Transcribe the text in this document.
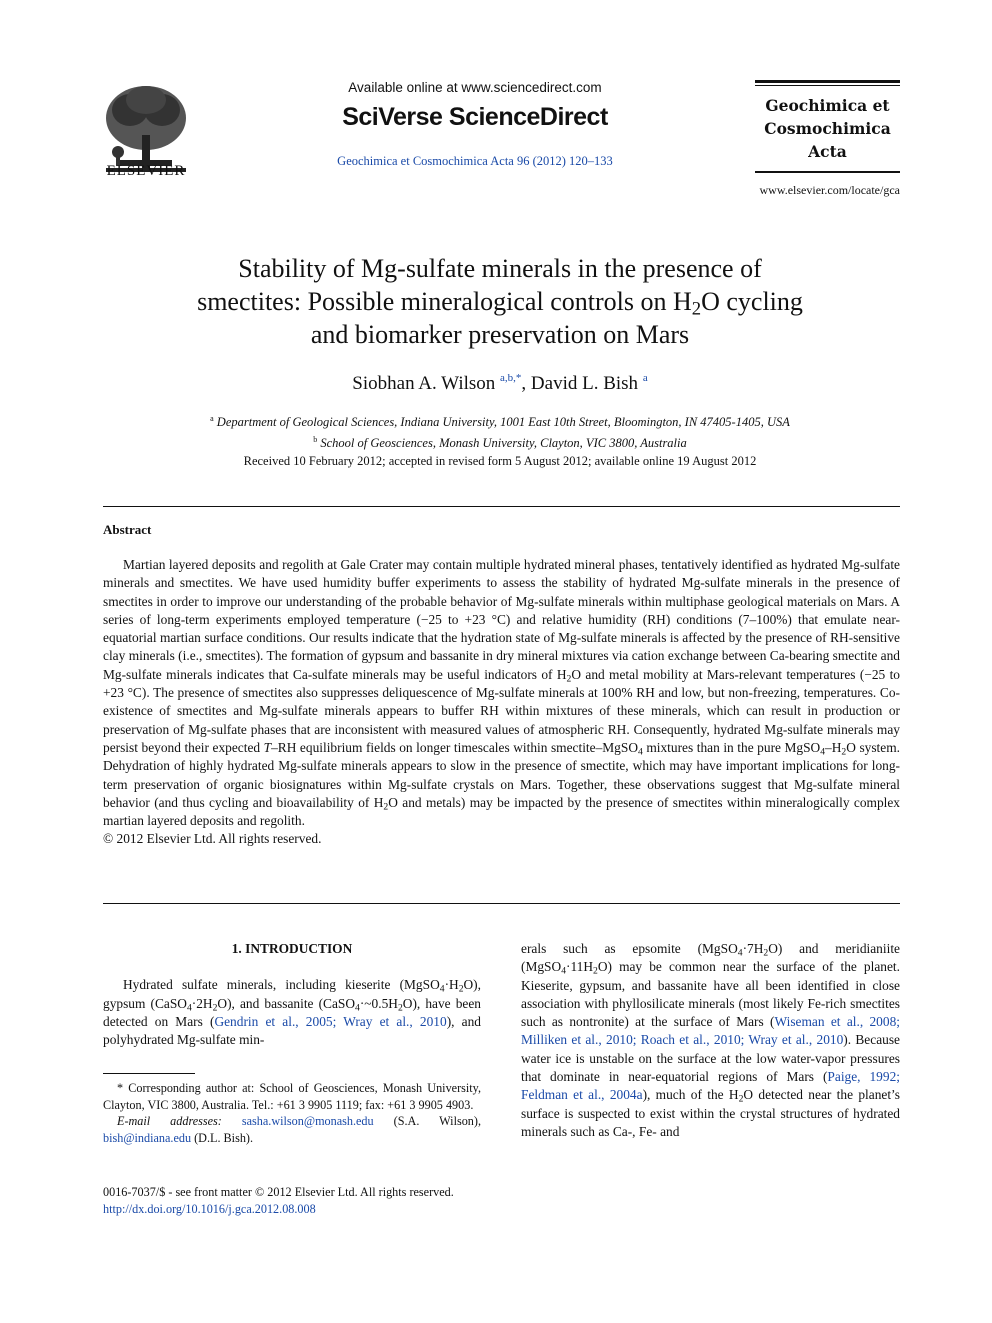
ELSEVIER
Available online at www.sciencedirect.com
SciVerse ScienceDirect
Geochimica et Cosmochimica Acta 96 (2012) 120–133
Geochimica et
Cosmochimica
Acta
www.elsevier.com/locate/gca
Stability of Mg-sulfate minerals in the presence of
smectites: Possible mineralogical controls on $H_2O$ cycling
and biomarker preservation on Mars
Siobhan A. Wilson $^{a,b,*}$, David L. Bish $^a$
$^a$ Department of Geological Sciences, Indiana University, 1001 East 10th Street, Bloomington, IN 47405-1405, USA
$^b$ School of Geosciences, Monash University, Clayton, VIC 3800, Australia
Received 10 February 2012; accepted in revised form 5 August 2012; available online 19 August 2012
Abstract

Martian layered deposits and regolith at Gale Crater may contain multiple hydrated mineral phases, tentatively identified as hydrated Mg-sulfate minerals and smectites. We have used humidity buffer experiments to assess the stability of hydrated Mg-sulfate minerals in the presence of smectites in order to improve our understanding of the probable behavior of Mg-sulfate minerals within multiphase geological materials on Mars. A series of long-term experiments employed temperature (−25 to +23 °C) and relative humidity (RH) conditions (7–100%) that emulate near-equatorial martian surface conditions. Our results indicate that the hydration state of Mg-sulfate minerals is affected by the presence of RH-sensitive clay minerals (i.e., smectites). The formation of gypsum and bassanite in dry mineral mixtures via cation exchange between Ca-bearing smectite and Mg-sulfate minerals indicates that Ca-sulfate minerals may be useful indicators of $H_2O$ and metal mobility at Mars-relevant temperatures (−25 to +23 °C). The presence of smectites also suppresses deliquescence of Mg-sulfate minerals at 100% RH and low, but non-freezing, temperatures. Co-existence of smectites and Mg-sulfate minerals appears to buffer RH within mixtures of these minerals, which can result in production or preservation of Mg-sulfate phases that are inconsistent with measured values of atmospheric RH. Consequently, hydrated Mg-sulfate minerals may persist beyond their expected T–RH equilibrium fields on longer timescales within smectite–MgSO$_4$ mixtures than in the pure $MgSO_4-H_2O$ system. Dehydration of highly hydrated Mg-sulfate minerals appears to slow in the presence of smectite, which may have important implications for long-term preservation of organic biosignatures within Mg-sulfate crystals on Mars. Together, these observations suggest that Mg-sulfate mineral behavior (and thus cycling and bioavailability of $H_2O$ and metals) may be impacted by the presence of smectites within mineralogically complex martian layered deposits and regolith.

© 2012 Elsevier Ltd. All rights reserved.

1. INTRODUCTION

Hydrated sulfate minerals, including kieserite $(MgSO_4\cdot H_2O)$, gypsum $(CaSO_4\cdot 2H_2O)$, and bassanite $(CaSO_4\cdot\sim 0.5H_2O)$, have been detected on Mars (Gendrin et al., 2005; Wray et al., 2010), and polyhydrated Mg-sulfate min-

* Corresponding author at: School of Geosciences, Monash University, Clayton, VIC 3800, Australia. Tel.: +61 3 9905 1119; fax: +61 3 9905 4903.

E-mail addresses: sasha.wilson@monash.edu (S.A. Wilson), bish@indiana.edu (D.L. Bish).

0016-7037/$ - see front matter © 2012 Elsevier Ltd. All rights reserved.
http://dx.doi.org/10.1016/j.gca.2012.08.008

erals such as epsomite $(MgSO_4\cdot 7H_2O)$ and meridianiite $(MgSO_4\cdot 11H_2O)$ may be common near the surface of the planet. Kieserite, gypsum, and bassanite have all been identified in close association with phyllosilicate minerals (most likely Fe-rich smectites such as nontronite) at the surface of Mars (Wiseman et al., 2008; Milliken et al., 2010; Roach et al., 2010; Wray et al., 2010). Because water ice is unstable on the surface at the low water-vapor pressures that dominate in near-equatorial regions of Mars (Paige, 1992; Feldman et al., 2004a), much of the $H_2O$ detected near the planet’s surface is suspected to exist within the crystal structures of hydrated minerals such as Ca-, Fe- and
